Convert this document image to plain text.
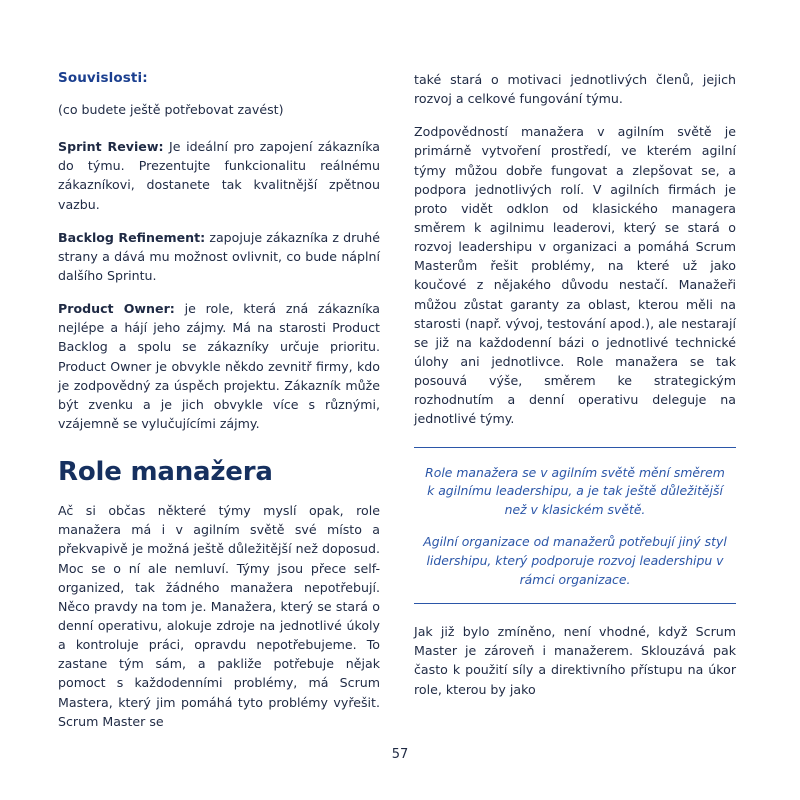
Souvislosti:

(co budete ještě potřebovat zavést)

Sprint Review: Je ideální pro zapojení zákazníka do týmu. Prezentujte funkcionalitu reálnému zákazníkovi, dostanete tak kvalitnější zpětnou vazbu.

Backlog Refinement: zapojuje zákazníka z druhé strany a dává mu možnost ovlivnit, co bude náplní dalšího Sprintu.

Product Owner: je role, která zná zákazníka nejlépe a hájí jeho zájmy. Má na starosti Product Backlog a spolu se zákazníky určuje prioritu. Product Owner je obvykle někdo zevnitř firmy, kdo je zodpovědný za úspěch projektu. Zákazník může být zvenku a je jich obvykle více s různými, vzájemně se vylučujícími zájmy.

Role manažera

Ač si občas některé týmy myslí opak, role manažera má i v agilním světě své místo a překvapivě je možná ještě důležitější než doposud. Moc se o ní ale nemluví. Týmy jsou přece self-organized, tak žádného manažera nepotřebují. Něco pravdy na tom je. Manažera, který se stará o denní operativu, alokuje zdroje na jednotlivé úkoly a kontroluje práci, opravdu nepotřebujeme. To zastane tým sám, a pakliže potřebuje nějak pomoct s každodenními problémy, má Scrum Mastera, který jim pomáhá tyto problémy vyřešit. Scrum Master se

také stará o motivaci jednotlivých členů, jejich rozvoj a celkové fungování týmu.

Zodpovědností manažera v agilním světě je primárně vytvoření prostředí, ve kterém agilní týmy můžou dobře fungovat a zlepšovat se, a podpora jednotlivých rolí. V agilních firmách je proto vidět odklon od klasického managera směrem k agilnimu leaderovi, který se stará o rozvoj leadershipu v organizaci a pomáhá Scrum Masterům řešit problémy, na které už jako koučové z nějakého důvodu nestačí. Manažeři můžou zůstat garanty za oblast, kterou měli na starosti (např. vývoj, testování apod.), ale nestarají se již na každodenní bázi o jednotlivé technické úlohy ani jednotlivce. Role manažera se tak posouvá výše, směrem ke strategickým rozhodnutím a denní operativu deleguje na jednotlivé týmy.

Role manažera se v agilním světě mění směrem k agilnímu leadershipu, a je tak ještě důležitější než v klasickém světě.

Agilní organizace od manažerů potřebují jiný styl lidershipu, který podporuje rozvoj leadershipu v rámci organizace.

Jak již bylo zmíněno, není vhodné, když Scrum Master je zároveň i manažerem. Sklouzává pak často k použití síly a direktivního přístupu na úkor role, kterou by jako

57
